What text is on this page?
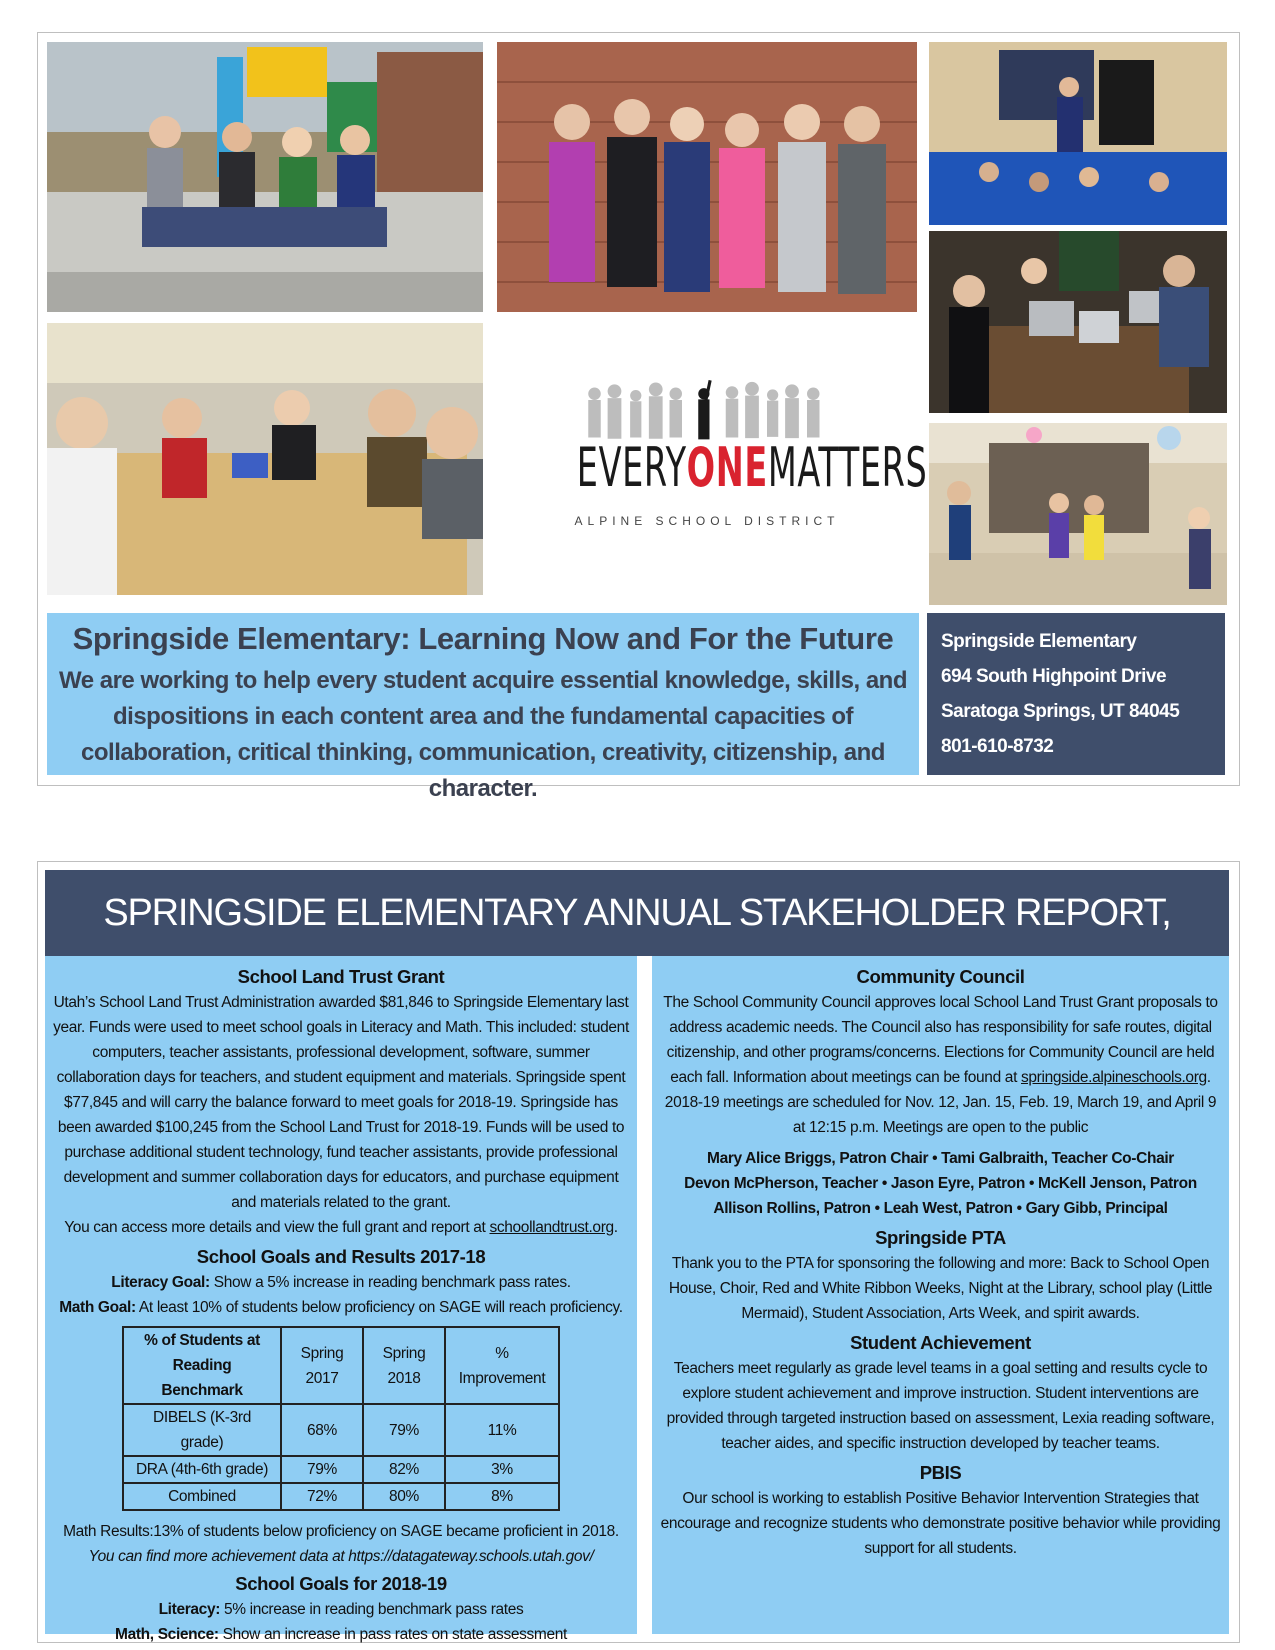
EVERYONEMATTERS
ALPINE SCHOOL DISTRICT
Springside Elementary: Learning Now and For the Future

We are working to help every student acquire essential knowledge, skills, and dispositions in each content area and the fundamental capacities of collaboration, critical thinking, communication, creativity, citizenship, and character.

Springside Elementary
694 South Highpoint Drive
Saratoga Springs, UT 84045
801-610-8732
SPRINGSIDE ELEMENTARY ANNUAL STAKEHOLDER REPORT,
School Land Trust Grant

Utah’s School Land Trust Administration awarded $81,846 to Springside Elementary last year. Funds were used to meet school goals in Literacy and Math. This included: student computers, teacher assistants, professional development, software, summer collaboration days for teachers, and student equipment and materials. Springside spent $77,845 and will carry the balance forward to meet goals for 2018-19. Springside has been awarded $100,245 from the School Land Trust for 2018-19. Funds will be used to purchase additional student technology, fund teacher assistants, provide professional development and summer collaboration days for educators, and purchase equipment and materials related to the grant.

You can access more details and view the full grant and report at schoollandtrust.org.

School Goals and Results 2017-18

Literacy Goal: Show a 5% increase in reading benchmark pass rates.

Math Goal: At least 10% of students below proficiency on SAGE will reach proficiency.

% of Students at Reading Benchmark	Spring 2017	Spring 2018	% Improvement
DIBELS (K-3rd grade)	68%	79%	11%
DRA (4th-6th grade)	79%	82%	3%
Combined	72%	80%	8%

Math Results:13% of students below proficiency on SAGE became proficient in 2018.

You can find more achievement data at https://datagateway.schools.utah.gov/

School Goals for 2018-19

Literacy: 5% increase in reading benchmark pass rates

Math, Science: Show an increase in pass rates on state assessment

Community Council

The School Community Council approves local School Land Trust Grant proposals to address academic needs. The Council also has responsibility for safe routes, digital citizenship, and other programs/concerns. Elections for Community Council are held each fall. Information about meetings can be found at springside.alpineschools.org. 2018-19 meetings are scheduled for Nov. 12, Jan. 15, Feb. 19, March 19, and April 9 at 12:15 p.m. Meetings are open to the public

Mary Alice Briggs, Patron Chair • Tami Galbraith, Teacher Co-Chair
Devon McPherson, Teacher • Jason Eyre, Patron • McKell Jenson, Patron
Allison Rollins, Patron • Leah West, Patron • Gary Gibb, Principal

Springside PTA

Thank you to the PTA for sponsoring the following and more: Back to School Open House, Choir, Red and White Ribbon Weeks, Night at the Library, school play (Little Mermaid), Student Association, Arts Week, and spirit awards.

Student Achievement

Teachers meet regularly as grade level teams in a goal setting and results cycle to explore student achievement and improve instruction. Student interventions are provided through targeted instruction based on assessment, Lexia reading software, teacher aides, and specific instruction developed by teacher teams.

PBIS

Our school is working to establish Positive Behavior Intervention Strategies that encourage and recognize students who demonstrate positive behavior while providing support for all students.
